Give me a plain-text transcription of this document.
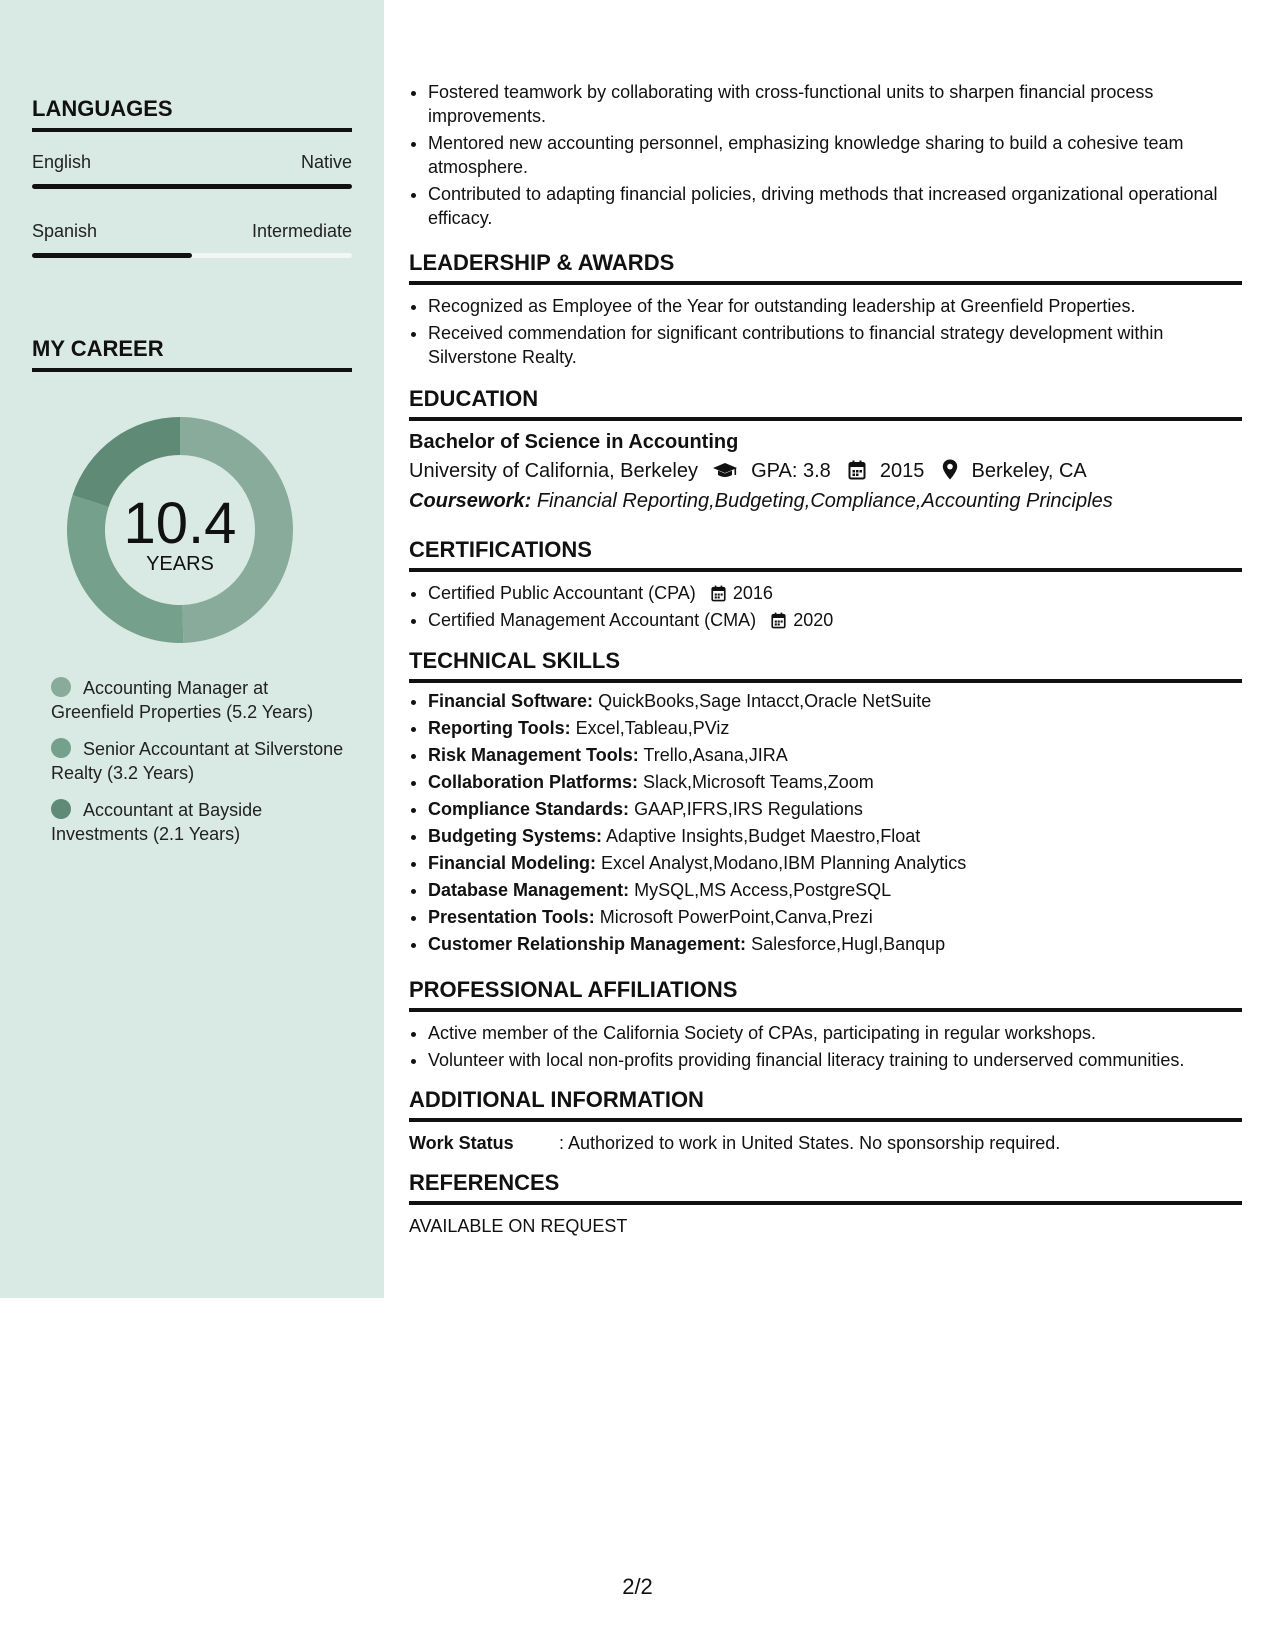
LANGUAGES
English	Native
Spanish	Intermediate
MY CAREER
10.4
YEARS
Accounting Manager at Greenfield Properties (5.2 Years)
Senior Accountant at Silverstone Realty (3.2 Years)
Accountant at Bayside Investments (2.1 Years)
• Fostered teamwork by collaborating with cross-functional units to sharpen financial process improvements.
• Mentored new accounting personnel, emphasizing knowledge sharing to build a cohesive team atmosphere.
• Contributed to adapting financial policies, driving methods that increased organizational operational efficacy.
LEADERSHIP & AWARDS
• Recognized as Employee of the Year for outstanding leadership at Greenfield Properties.
• Received commendation for significant contributions to financial strategy development within Silverstone Realty.
EDUCATION
Bachelor of Science in Accounting
University of California, Berkeley	GPA: 3.8 2015 Berkeley, CA
Coursework: Financial Reporting,Budgeting,Compliance,Accounting Principles
CERTIFICATIONS
• Certified Public Accountant (CPA) 2016
• Certified Management Accountant (CMA) 2020
TECHNICAL SKILLS
• Financial Software: QuickBooks,Sage Intacct,Oracle NetSuite
• Reporting Tools: Excel,Tableau,PViz
• Risk Management Tools: Trello,Asana,JIRA
• Collaboration Platforms: Slack,Microsoft Teams,Zoom
• Compliance Standards: GAAP,IFRS,IRS Regulations
• Budgeting Systems: Adaptive Insights,Budget Maestro,Float
• Financial Modeling: Excel Analyst,Modano,IBM Planning Analytics
• Database Management: MySQL,MS Access,PostgreSQL
• Presentation Tools: Microsoft PowerPoint,Canva,Prezi
• Customer Relationship Management: Salesforce,Hugl,Banqup
PROFESSIONAL AFFILIATIONS
• Active member of the California Society of CPAs, participating in regular workshops.
• Volunteer with local non-profits providing financial literacy training to underserved communities.
ADDITIONAL INFORMATION
Work Status	: Authorized to work in United States. No sponsorship required.
REFERENCES
AVAILABLE ON REQUEST
2/2
